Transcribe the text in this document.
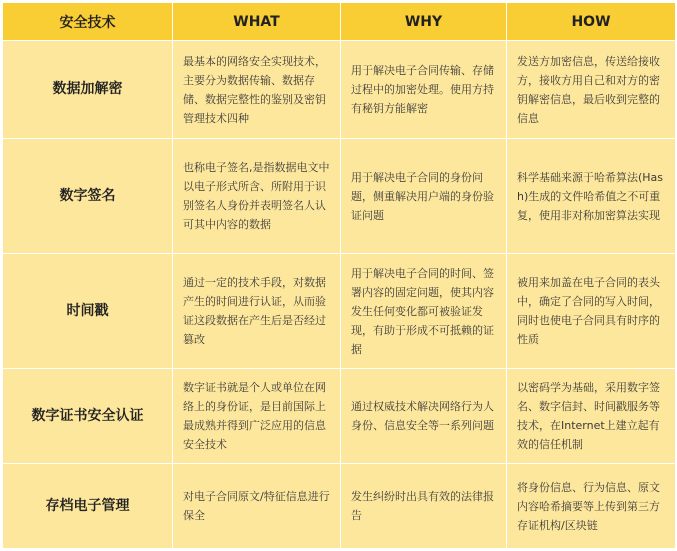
安全技术	WHAT	WHY	HOW
数据加解密	最基本的网络安全实现技术，主要分为数据传输、数据存储、数据完整性的鉴别及密钥管理技术四种	用于解决电子合同传输、存储过程中的加密处理。使用方持有秘钥方能解密	发送方加密信息，传送给接收方，接收方用自己和对方的密钥解密信息，最后收到完整的信息
数字签名	也称电子签名,是指数据电文中以电子形式所含、所附用于识别签名人身份并表明签名人认可其中内容的数据	用于解决电子合同的身份问题，侧重解决用户端的身份验证问题	科学基础来源于哈希算法(Hash)生成的文件哈希值之不可重复，使用非对称加密算法实现
时间戳	通过一定的技术手段，对数据产生的时间进行认证，从而验证这段数据在产生后是否经过篡改	用于解决电子合同的时间、签署内容的固定问题，使其内容发生任何变化都可被验证发现，有助于形成不可抵赖的证据	被用来加盖在电子合同的表头中，确定了合同的写入时间，同时也使电子合同具有时序的性质
数字证书安全认证	数字证书就是个人或单位在网络上的身份证，是目前国际上最成熟并得到广泛应用的信息安全技术	通过权威技术解决网络行为人身份、信息安全等一系列问题	以密码学为基础，采用数字签名、数字信封、时间戳服务等技术，在Internet上建立起有效的信任机制
存档电子管理	对电子合同原文/特征信息进行保全	发生纠纷时出具有效的法律报告	将身份信息、行为信息、原文内容哈希摘要等上传到第三方存证机构/区块链
